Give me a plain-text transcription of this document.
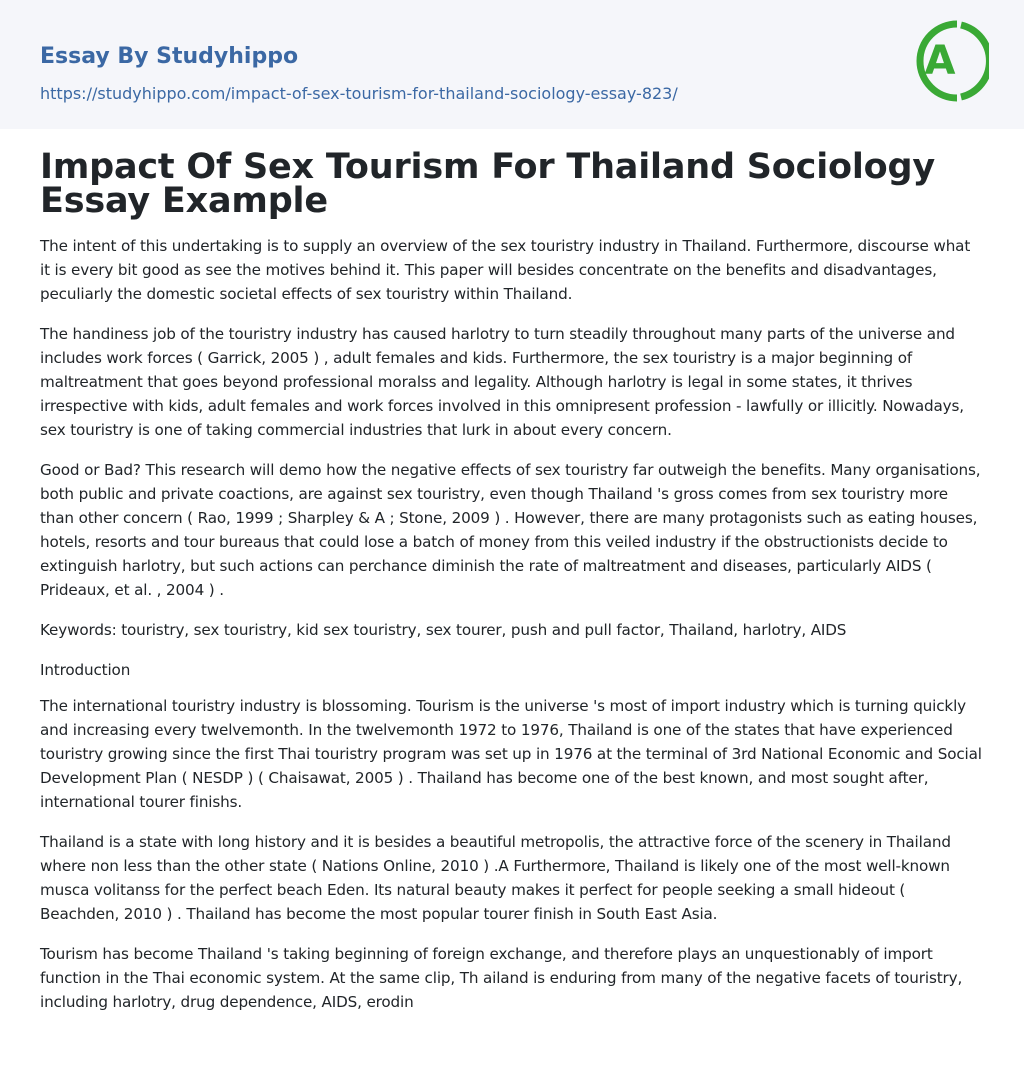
Essay By Studyhippo
https://studyhippo.com/impact-of-sex-tourism-for-thailand-sociology-essay-823/
A
Impact Of Sex Tourism For Thailand Sociology Essay Example

The intent of this undertaking is to supply an overview of the sex touristry industry in Thailand. Furthermore, discourse what it is every bit good as see the motives behind it. This paper will besides concentrate on the benefits and disadvantages, peculiarly the domestic societal effects of sex touristry within Thailand.

The handiness job of the touristry industry has caused harlotry to turn steadily throughout many parts of the universe and includes work forces ( Garrick, 2005 ) , adult females and kids. Furthermore, the sex touristry is a major beginning of maltreatment that goes beyond professional moralss and legality. Although harlotry is legal in some states, it thrives irrespective with kids, adult females and work forces involved in this omnipresent profession - lawfully or illicitly. Nowadays, sex touristry is one of taking commercial industries that lurk in about every concern.

Good or Bad? This research will demo how the negative effects of sex touristry far outweigh the benefits. Many organisations, both public and private coactions, are against sex touristry, even though Thailand 's gross comes from sex touristry more than other concern ( Rao, 1999 ; Sharpley & A ; Stone, 2009 ) . However, there are many protagonists such as eating houses, hotels, resorts and tour bureaus that could lose a batch of money from this veiled industry if the obstructionists decide to extinguish harlotry, but such actions can perchance diminish the rate of maltreatment and diseases, particularly AIDS ( Prideaux, et al. , 2004 ) .

Keywords: touristry, sex touristry, kid sex touristry, sex tourer, push and pull factor, Thailand, harlotry, AIDS

Introduction

The international touristry industry is blossoming. Tourism is the universe 's most of import industry which is turning quickly and increasing every twelvemonth. In the twelvemonth 1972 to 1976, Thailand is one of the states that have experienced touristry growing since the first Thai touristry program was set up in 1976 at the terminal of 3rd National Economic and Social Development Plan ( NESDP ) ( Chaisawat, 2005 ) . Thailand has become one of the best known, and most sought after, international tourer finishs.

Thailand is a state with long history and it is besides a beautiful metropolis, the attractive force of the scenery in Thailand where non less than the other state ( Nations Online, 2010 ) .A Furthermore, Thailand is likely one of the most well-known musca volitanss for the perfect beach Eden. Its natural beauty makes it perfect for people seeking a small hideout ( Beachden, 2010 ) . Thailand has become the most popular tourer finish in South East Asia.

Tourism has become Thailand 's taking beginning of foreign exchange, and therefore plays an unquestionably of import function in the Thai economic system. At the same clip, Th ailand is enduring from many of the negative facets of touristry, including harlotry, drug dependence, AIDS, erodin
